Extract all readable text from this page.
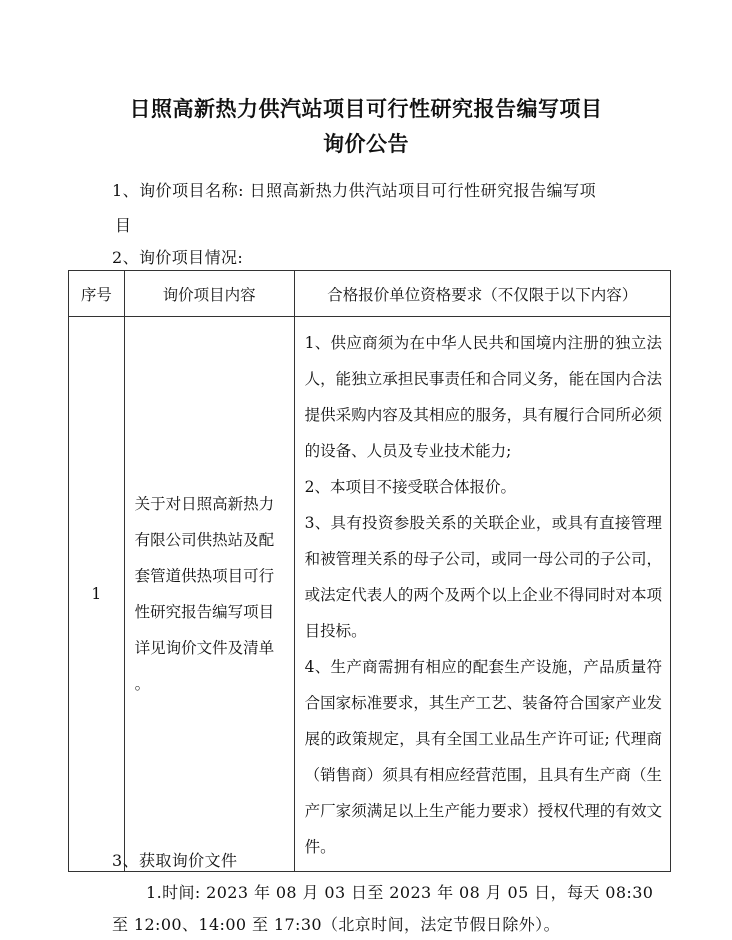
日照高新热力供汽站项目可行性研究报告编写项目
询价公告
1、询价项目名称: 日照高新热力供汽站项目可行性研究报告编写项
目
2、询价项目情况:
序号	询价项目内容	合格报价单位资格要求（不仅限于以下内容）
1	关于对日照高新热力有限公司供热站及配套管道供热项目可行性研究报告编写项目详见询价文件及清单 。	1、供应商须为在中华人民共和国境内注册的独立法人，能独立承担民事责任和合同义务，能在国内合法提供采购内容及其相应的服务，具有履行合同所必须的设备、人员及专业技术能力;

2、本项目不接受联合体报价。

3、具有投资参股关系的关联企业，或具有直接管理和被管理关系的母子公司，或同一母公司的子公司，或法定代表人的两个及两个以上企业不得同时对本项目投标。

4、生产商需拥有相应的配套生产设施，产品质量符合国家标准要求，其生产工艺、装备符合国家产业发展的政策规定，具有全国工业品生产许可证; 代理商（销售商）须具有相应经营范围，且具有生产商（生产厂家须满足以上生产能力要求）授权代理的有效文件。

3、获取询价文件
1.时间: 2023 年 08 月 03 日至 2023 年 08 月 05 日，每天 08:30
至 12:00、14:00 至 17:30（北京时间，法定节假日除外）。
